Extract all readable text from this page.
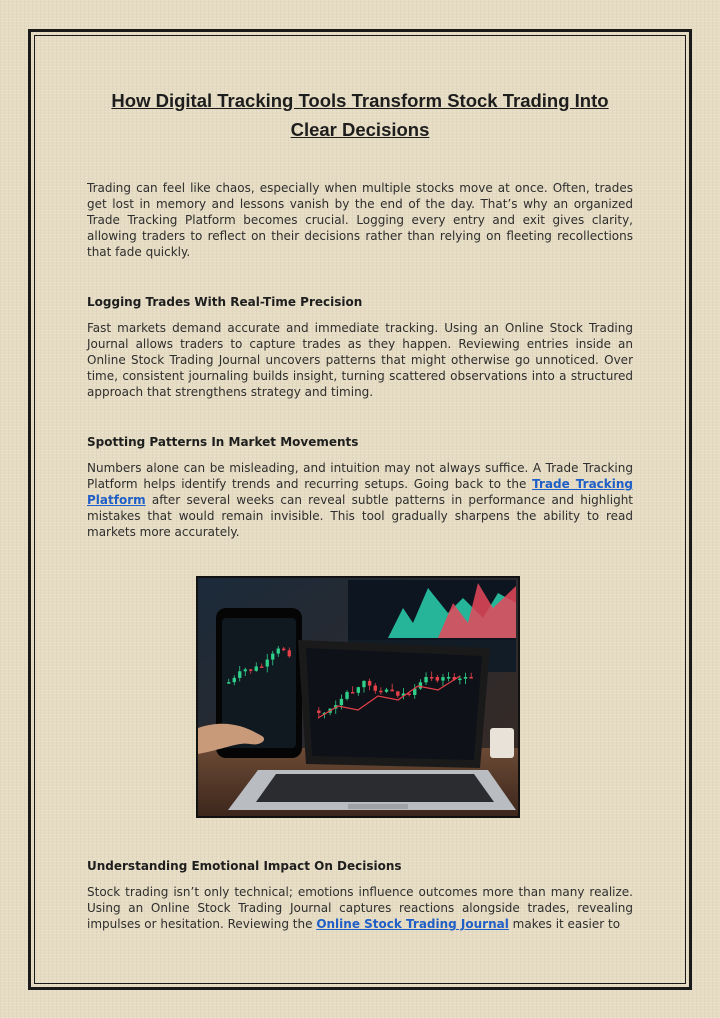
How Digital Tracking Tools Transform Stock Trading Into Clear Decisions

Trading can feel like chaos, especially when multiple stocks move at once. Often, trades get lost in memory and lessons vanish by the end of the day. That’s why an organized Trade Tracking Platform becomes crucial. Logging every entry and exit gives clarity, allowing traders to reflect on their decisions rather than relying on fleeting recollections that fade quickly.

Logging Trades With Real-Time Precision

Fast markets demand accurate and immediate tracking. Using an Online Stock Trading Journal allows traders to capture trades as they happen. Reviewing entries inside an Online Stock Trading Journal uncovers patterns that might otherwise go unnoticed. Over time, consistent journaling builds insight, turning scattered observations into a structured approach that strengthens strategy and timing.

Spotting Patterns In Market Movements

Numbers alone can be misleading, and intuition may not always suffice. A Trade Tracking Platform helps identify trends and recurring setups. Going back to the Trade Tracking Platform after several weeks can reveal subtle patterns in performance and highlight mistakes that would remain invisible. This tool gradually sharpens the ability to read markets more accurately.

Understanding Emotional Impact On Decisions

Stock trading isn’t only technical; emotions influence outcomes more than many realize. Using an Online Stock Trading Journal captures reactions alongside trades, revealing impulses or hesitation. Reviewing the Online Stock Trading Journal makes it easier to
